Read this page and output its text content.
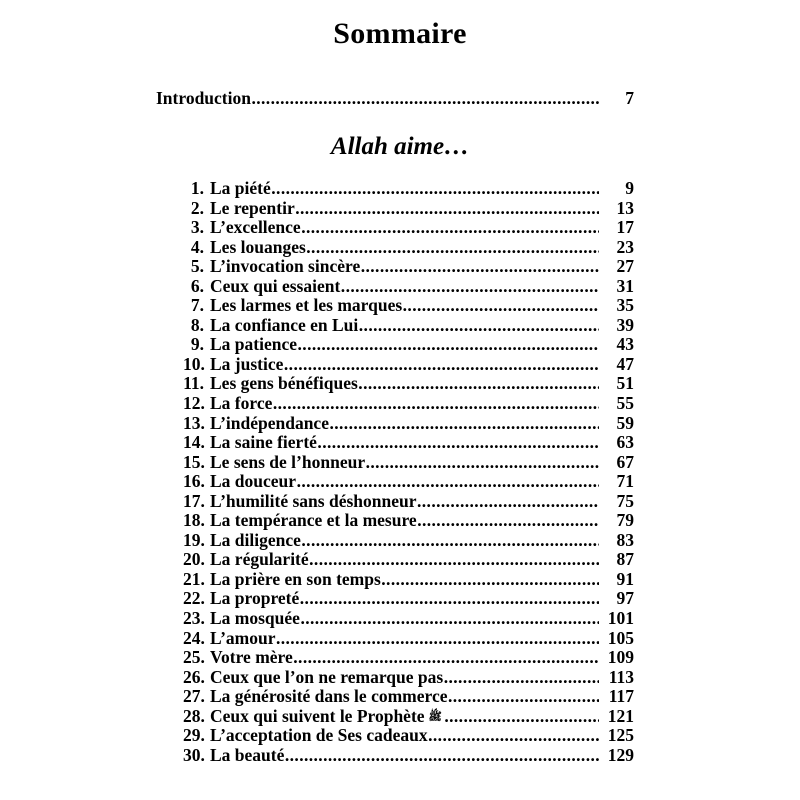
Sommaire
Introduction .....	7
Allah aime…
1. La piété .....	9
2. Le repentir .....	13
3. L’excellence .....	17
4. Les louanges .....	23
5. L’invocation sincère .....	27
6. Ceux qui essaient .....	31
7. Les larmes et les marques .....	35
8. La confiance en Lui .....	39
9. La patience .....	43
10. La justice .....	47
11. Les gens bénéfiques .....	51
12. La force .....	55
13. L’indépendance .....	59
14. La saine fierté .....	63
15. Le sens de l’honneur .....	67
16. La douceur .....	71
17. L’humilité sans déshonneur .....	75
18. La tempérance et la mesure .....	79
19. La diligence .....	83
20. La régularité .....	87
21. La prière en son temps .....	91
22. La propreté .....	97
23. La mosquée .....	101
24. L’amour .....	105
25. Votre mère .....	109
26. Ceux que l’on ne remarque pas .....	113
27. La générosité dans le commerce .....	117
28. Ceux qui suivent le Prophète ﷺ .....	121
29. L’acceptation de Ses cadeaux .....	125
30. La beauté .....	129
